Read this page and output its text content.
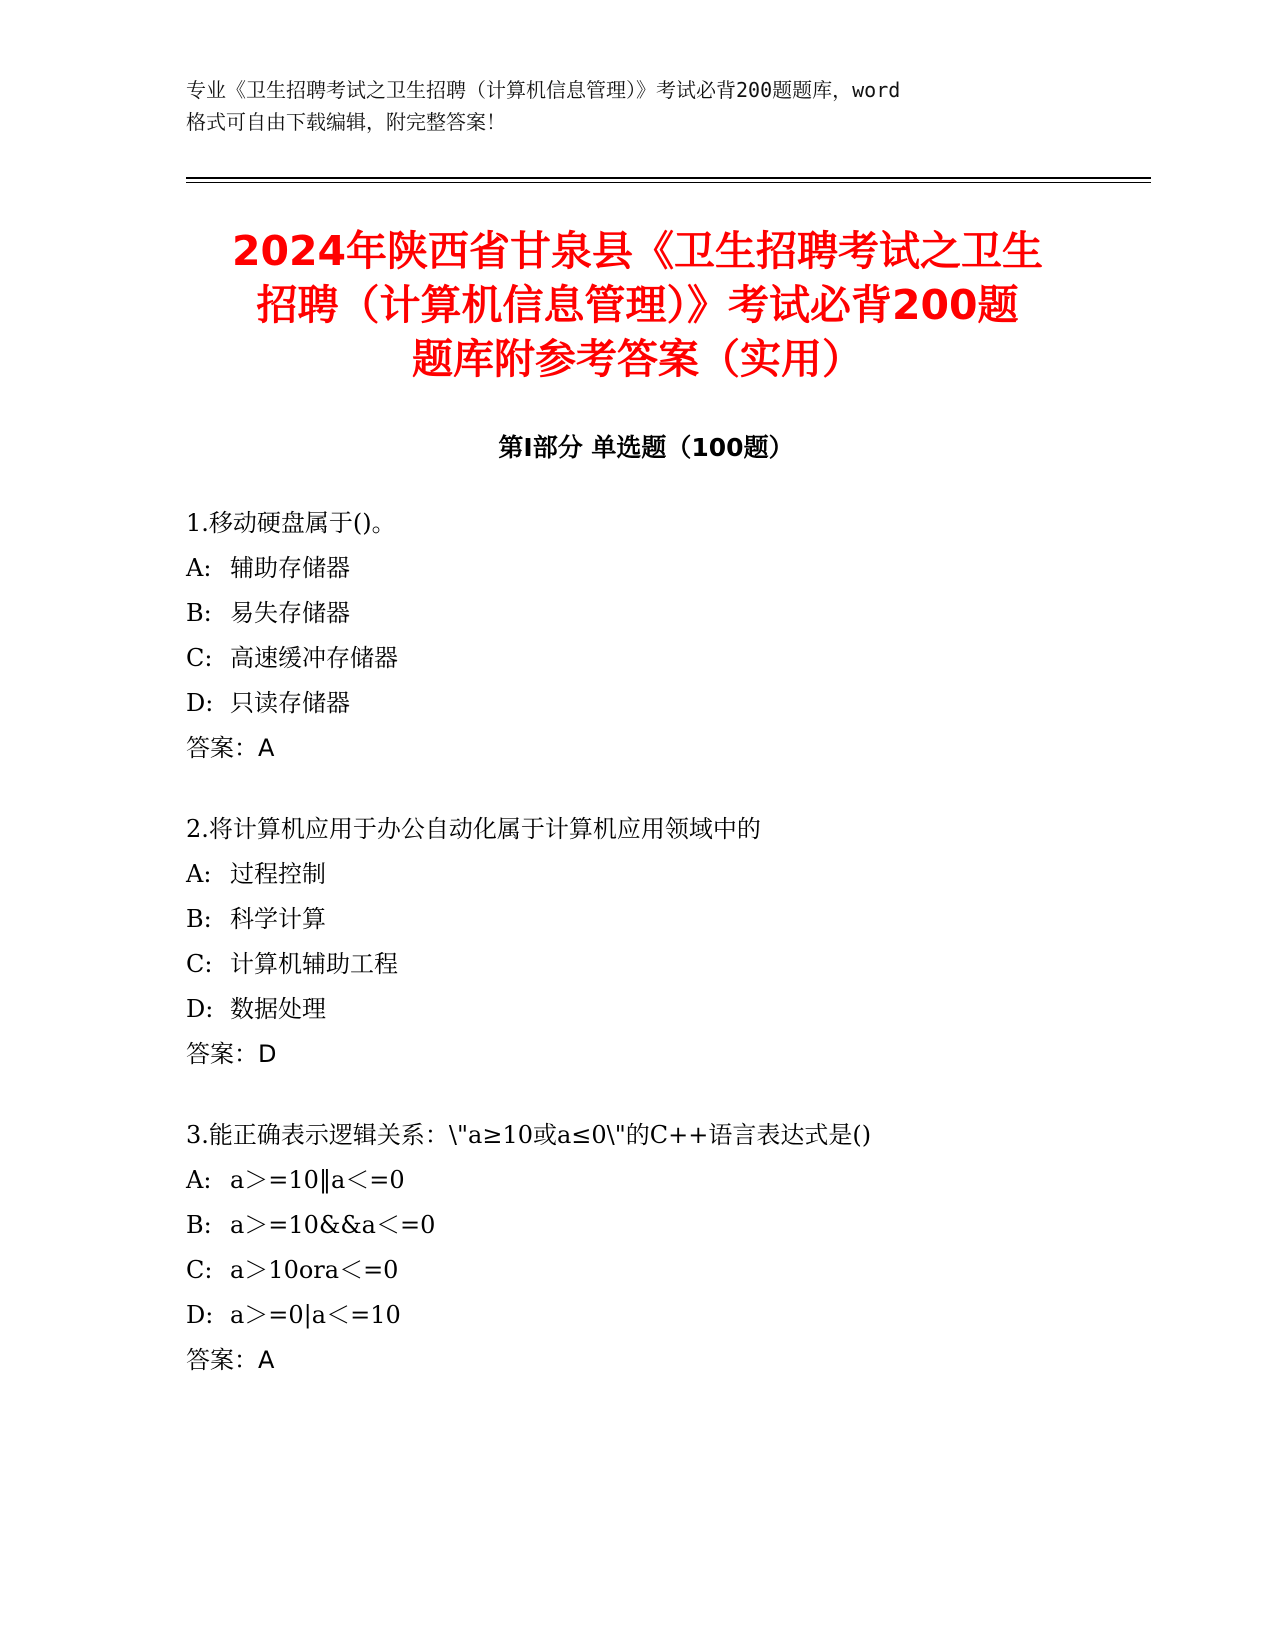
专业《卫生招聘考试之卫生招聘（计算机信息管理）》考试必背200题题库，word
格式可自由下载编辑，附完整答案！
2024年陕西省甘泉县《卫生招聘考试之卫生
招聘（计算机信息管理）》考试必背200题
题库附参考答案（实用）
第Ⅰ部分 单选题（100题）
1.移动硬盘属于()。
A: 辅助存储器
B: 易失存储器
C: 高速缓冲存储器
D: 只读存储器
答案：A
2.将计算机应用于办公自动化属于计算机应用领域中的
A: 过程控制
B: 科学计算
C: 计算机辅助工程
D: 数据处理
答案：D
3.能正确表示逻辑关系：\"a≥10或a≤0\"的C++语言表达式是()
A: a＞=10‖a＜=0
B: a＞=10&&a＜=0
C: a＞10ora＜=0
D: a＞=0|a＜=10
答案：A
